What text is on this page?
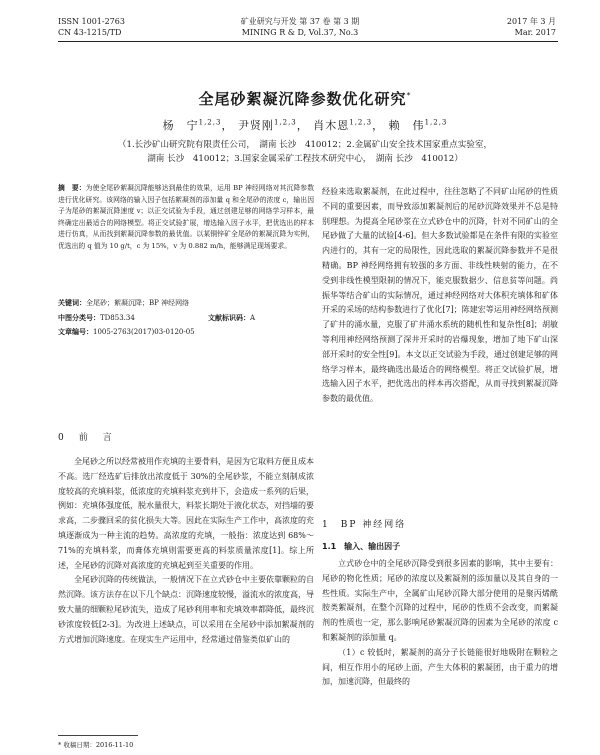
ISSN 1001-2763
CN 43-1215/TD
矿业研究与开发 第 37 卷 第 3 期
MINING R & D, Vol.37, No.3
2017 年 3 月
Mar. 2017
全尾砂絮凝沉降参数优化研究*
杨　宁$^{1,2,3}$， 尹贤刚$^{1,2,3}$， 肖木恩$^{1,2,3}$， 赖　伟$^{1,2,3}$
（1.长沙矿山研究院有限责任公司，　湖南 长沙　410012；2.金属矿山安全技术国家重点实验室，
湖南 长沙　410012；3.国家金属采矿工程技术研究中心，　湖南 长沙　410012）
摘　要：为使全尾砂絮凝沉降能够达到最佳的效果，运用 BP 神经网络对其沉降参数进行优化研究。该网络的输入因子包括絮凝剂的添加量 q 和全尾砂的浓度 c，输出因子为尾砂的絮凝沉降速度 v；以正交试验为手段，通过创建足够的网络学习样本，最终确定出最适合的网络模型。将正交试验扩展，增选输入因子水平，把优选出的样本进行仿真，从而找到絮凝沉降参数的最优值。以某铜锌矿全尾砂的絮凝沉降为实例，优选出的 q 值为 10 g/t，c 为 15%，v 为 0.882 m/h，能够满足现场要求。
关键词：全尾砂；絮凝沉降；BP 神经网络
中图分类号：TD853.34	文献标识码：A
文章编号：1005-2763(2017)03-0120-05
0　前　言

全尾砂之所以经常被用作充填的主要骨料，是因为它取料方便且成本不高。选厂经选矿后排放出浓度低于 30%的全尾砂浆，不能立刻制成浓度较高的充填料浆，低浓度的充填料浆充到井下，会造成一系列的后果，例如：充填体强度低，脱水量很大，料浆长期处于液化状态，对挡墙的要求高，二步骤回采的贫化损失大等。因此在实际生产工作中，高浓度的充填逐渐成为一种主流的趋势。高浓度的充填，一般指：浓度达到 68%～71%的充填料浆，而膏体充填则需要更高的料浆质量浓度[1]。综上所述，全尾砂的沉降对高浓度的充填起到至关重要的作用。

全尾砂沉降的传统做法，一般情况下在立式砂仓中主要依靠颗粒的自然沉降。该方法存在以下几个缺点：沉降速度较慢，溢流水的浓度高，导致大量的细颗粒尾砂流失，造成了尾砂利用率和充填效率都降低，最终沉砂浓度较低[2-3]。为改进上述缺点，可以采用在全尾砂中添加絮凝剂的方式增加沉降速度。在现实生产运用中，经常通过借鉴类似矿山的

经验来选取絮凝剂，在此过程中，往往忽略了不同矿山尾砂的性质不同的重要因素，而导致添加絮凝剂后的尾砂沉降效果并不总是特别理想。为提高全尾砂浆在立式砂仓中的沉降，针对不同矿山的全尾砂做了大量的试验[4-6]。但大多数试验都是在条件有限的实验室内进行的，其有一定的局限性，因此选取的絮凝沉降参数并不是很精确。BP 神经网络拥有较强的多方面、非线性映射的能力，在不受到非线性模型限制的情况下，能克服数据少、信息贫等问题。尚振华等结合矿山的实际情况，通过神经网络对大体积充填体和矿体开采的采场的结构参数进行了优化[7]；陈建宏等运用神经网络预测了矿井的涌水量，克服了矿井涌水系统的随机性和复杂性[8]；胡敏等利用神经网络预测了深井开采时的岩爆现象，增加了地下矿山深部开采时的安全性[9]。本文以正交试验为手段，通过创建足够的网络学习样本，最终确选出最适合的网络模型。将正交试验扩展，增选输入因子水平，把优选出的样本再次搭配，从而寻找到絮凝沉降参数的最优值。

1　BP 神经网络
1.1　输入、输出因子

立式砂仓中的全尾砂沉降受到很多因素的影响，其中主要有：尾砂的物化性质；尾砂的浓度以及絮凝剂的添加量以及其自身的一些性质。实际生产中，全属矿山尾砂沉降大部分使用的是聚丙烯酰胺类絮凝剂，在整个沉降的过程中，尾砂的性质不会改变，而絮凝剂的性质也一定，那么影响尾砂絮凝沉降的因素为全尾砂的浓度 c 和絮凝剂的添加量 q。

（1）c 较低时，絮凝剂的高分子长链能很好地吸附在颗粒之间，相互作用小的尾砂上面，产生大体积的絮凝团，由于重力的增加，加速沉降，但最终的

* 收稿日期：2016-11-10
